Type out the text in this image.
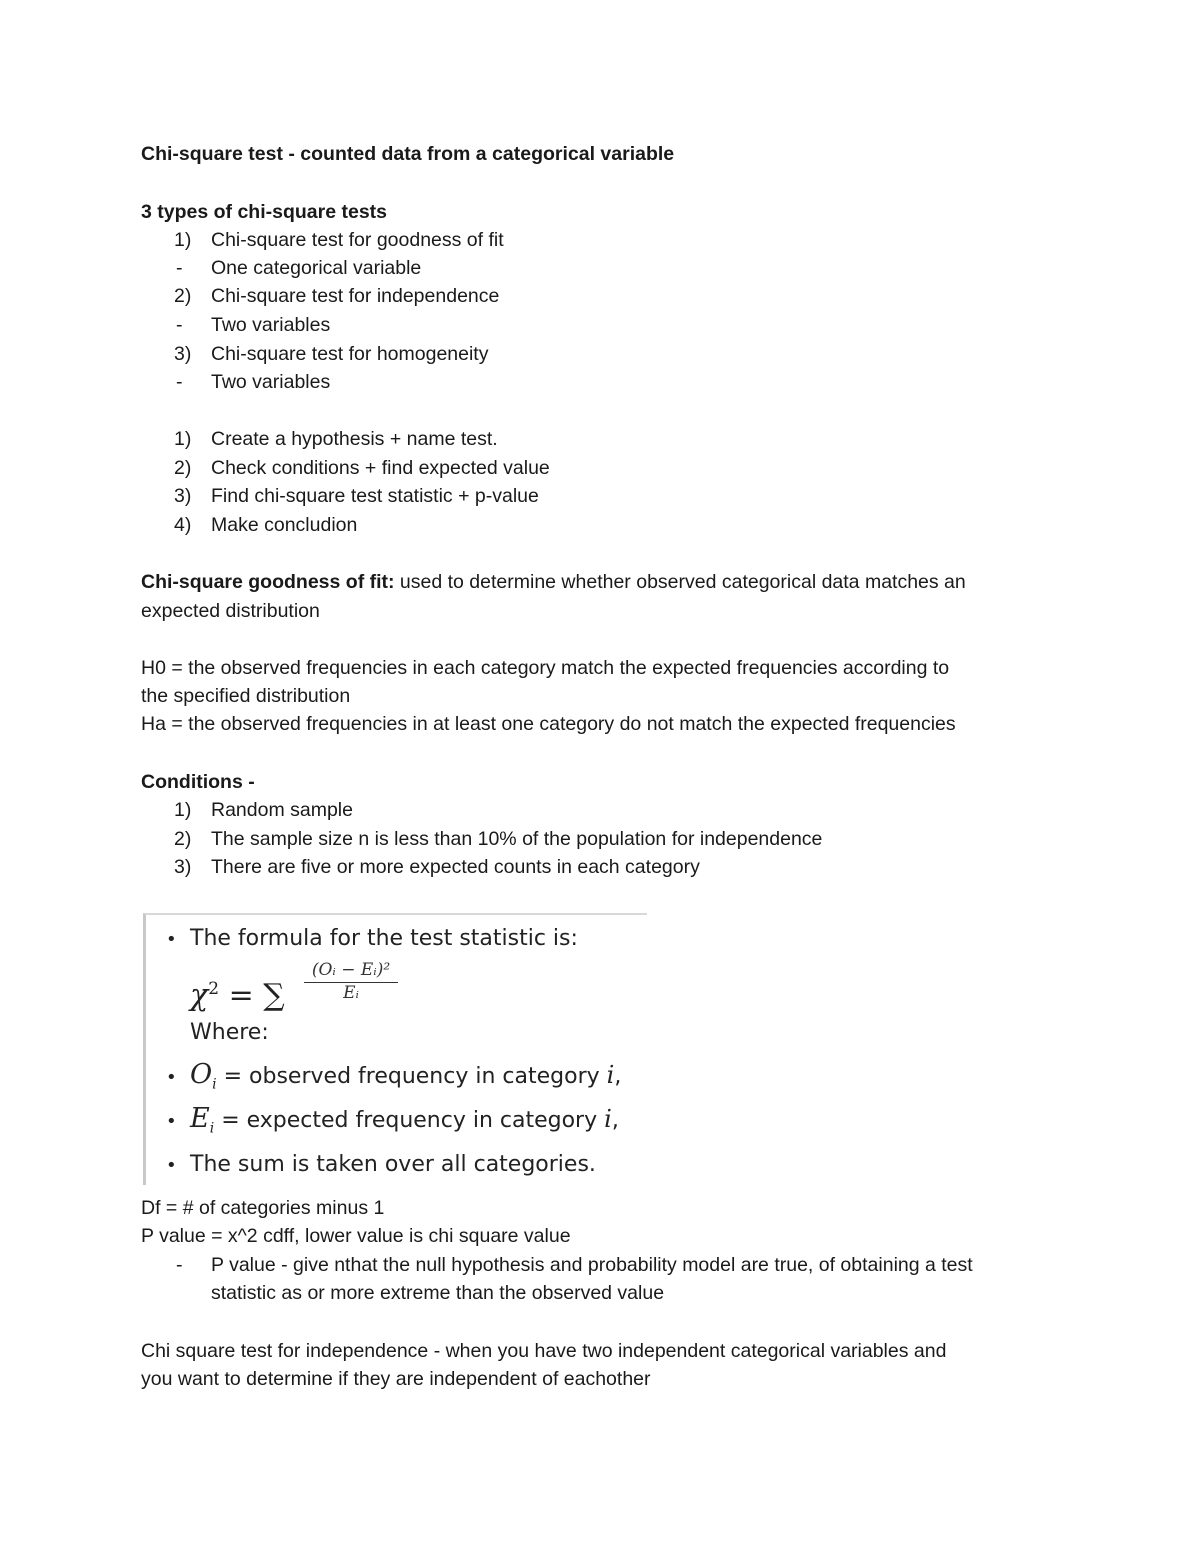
Chi-square test - counted data from a categorical variable
3 types of chi-square tests
1) Chi-square test for goodness of fit
- One categorical variable
2) Chi-square test for independence
- Two variables
3) Chi-square test for homogeneity
- Two variables
1) Create a hypothesis + name test.
2) Check conditions + find expected value
3) Find chi-square test statistic + p-value
4) Make concludion
Chi-square goodness of fit: used to determine whether observed categorical data matches an
expected distribution
H0 = the observed frequencies in each category match the expected frequencies according to
the specified distribution
Ha = the observed frequencies in at least one category do not match the expected frequencies
Conditions -
1) Random sample
2) The sample size n is less than 10% of the population for independence
3) There are five or more expected counts in each category
• The formula for the test statistic is:
$\chi^2$ = ∑ $\frac{\text{(Oᵢ − Eᵢ)²}}{\text{Eᵢ}}$
Where:
• $O_i$ = observed frequency in category i,
• $E_i$ = expected frequency in category i,
• The sum is taken over all categories.
Df = # of categories minus 1
P value = x^2 cdff, lower value is chi square value
- P value - give nthat the null hypothesis and probability model are true, of obtaining a test
statistic as or more extreme than the observed value
Chi square test for independence - when you have two independent categorical variables and
you want to determine if they are independent of eachother
